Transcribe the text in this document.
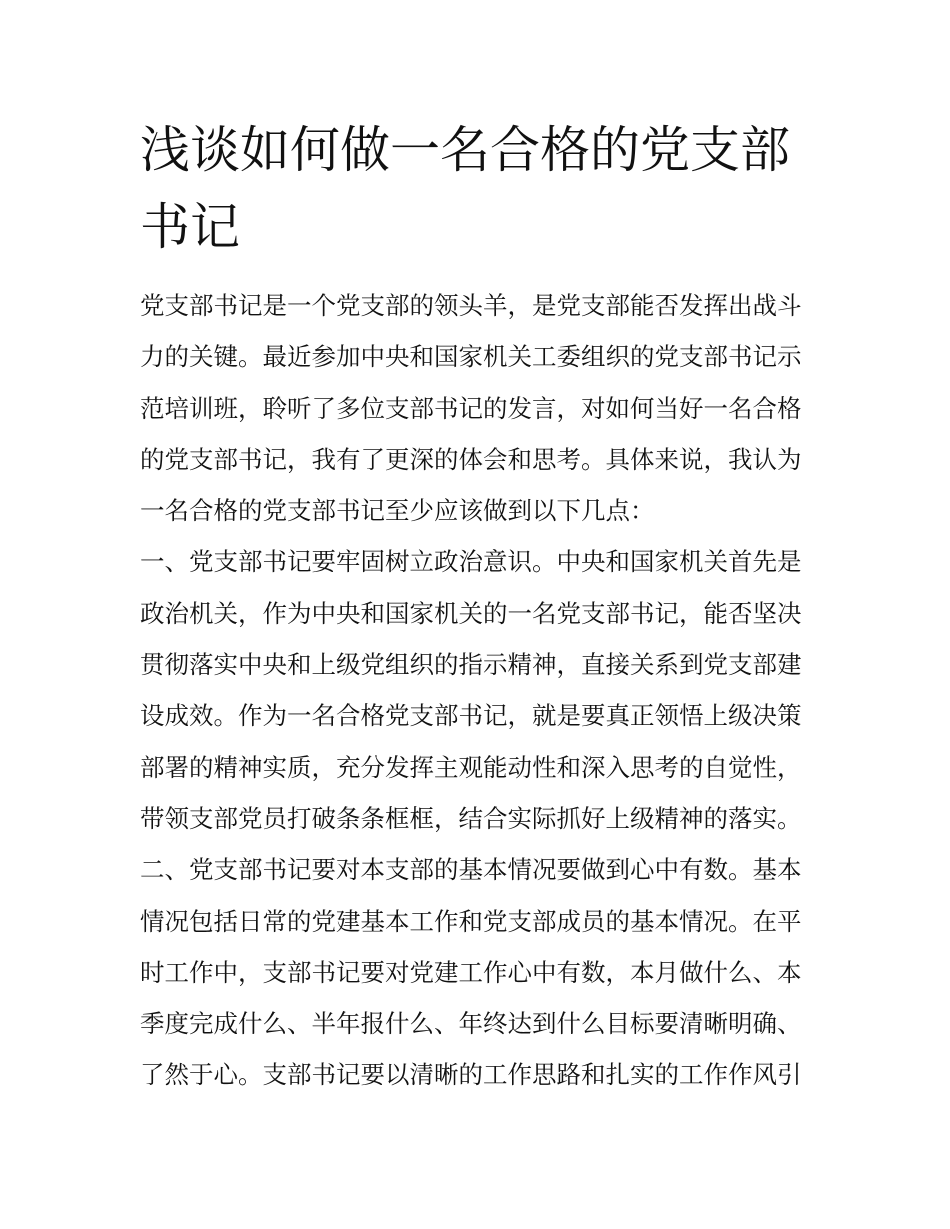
浅谈如何做一名合格的党支部书记
党支部书记是一个党支部的领头羊，是党支部能否发挥出战斗
力的关键。最近参加中央和国家机关工委组织的党支部书记示
范培训班，聆听了多位支部书记的发言，对如何当好一名合格
的党支部书记，我有了更深的体会和思考。具体来说，我认为
一名合格的党支部书记至少应该做到以下几点：
一、党支部书记要牢固树立政治意识。中央和国家机关首先是
政治机关，作为中央和国家机关的一名党支部书记，能否坚决
贯彻落实中央和上级党组织的指示精神，直接关系到党支部建
设成效。作为一名合格党支部书记，就是要真正领悟上级决策
部署的精神实质，充分发挥主观能动性和深入思考的自觉性，
带领支部党员打破条条框框，结合实际抓好上级精神的落实。
二、党支部书记要对本支部的基本情况要做到心中有数。基本
情况包括日常的党建基本工作和党支部成员的基本情况。在平
时工作中，支部书记要对党建工作心中有数，本月做什么、本
季度完成什么、半年报什么、年终达到什么目标要清晰明确、
了然于心。支部书记要以清晰的工作思路和扎实的工作作风引
